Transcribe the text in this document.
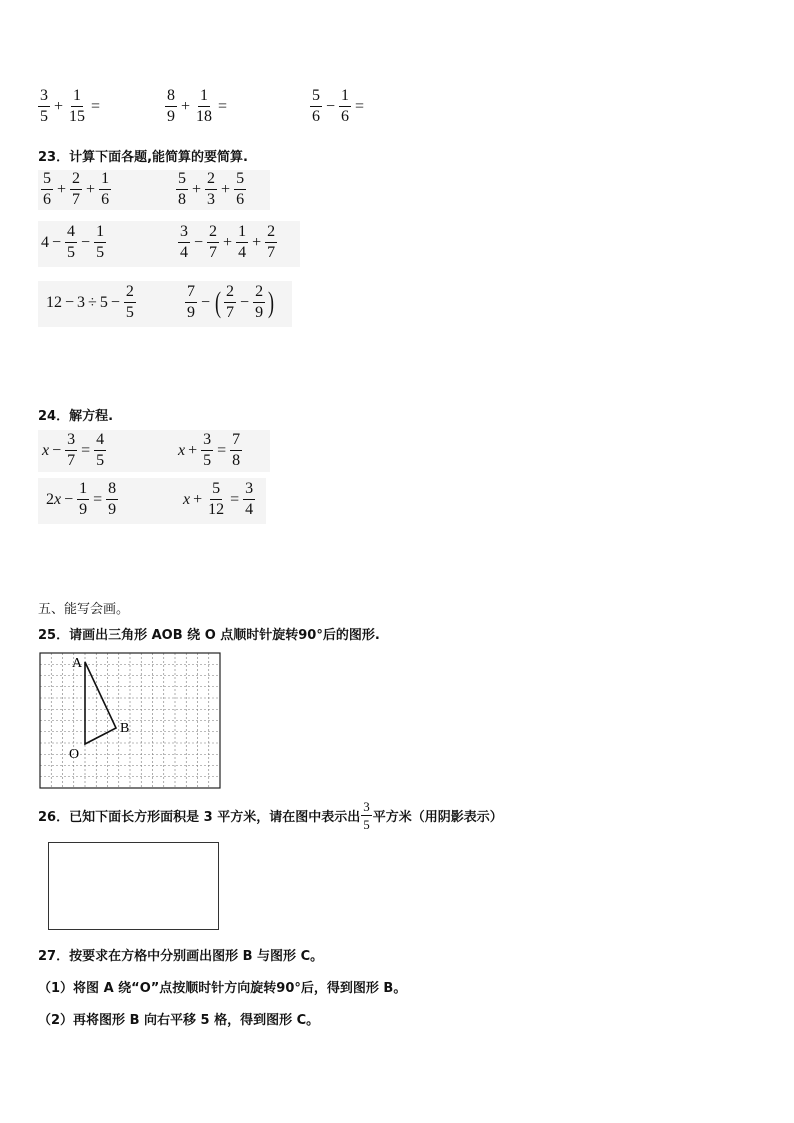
$\frac{3}{5} + \frac{1}{15}$ =	$\frac{8}{9} + \frac{1}{18}$ =	$\frac{5}{6} - \frac{1}{6}$ =
23．计算下面各题,能简算的要简算.
$\frac{5}{6} + \frac{2}{7} + \frac{1}{6}$	$\frac{5}{8} + \frac{2}{3} + \frac{5}{6}$
$4 - \frac{4}{5} - \frac{1}{5}$	$\frac{3}{4} - \frac{2}{7} + \frac{1}{4} + \frac{2}{7}$
$12 - 3 \div 5 - \frac{2}{5}$	$\frac{7}{9}$ − ( $\frac{2}{7} - \frac{2}{9}$ )
24．解方程.
$x - \frac{3}{7} = \frac{4}{5}$	$x + \frac{3}{5} = \frac{7}{8}$
2 $x - \frac{1}{9} = \frac{8}{9}$	$x + \frac{5}{12} = \frac{3}{4}$
五、能写会画。
25．请画出三角形 AOB 绕 O 点顺时针旋转90°后的图形.
A
B
O
26．已知下面长方形面积是 3 平方米，请在图中表示出 $\frac{3}{5}$ 平方米（用阴影表示）
27．按要求在方格中分别画出图形 B 与图形 C。
（1）将图 A 绕“O”点按顺时针方向旋转90°后，得到图形 B。
（2）再将图形 B 向右平移 5 格，得到图形 C。
